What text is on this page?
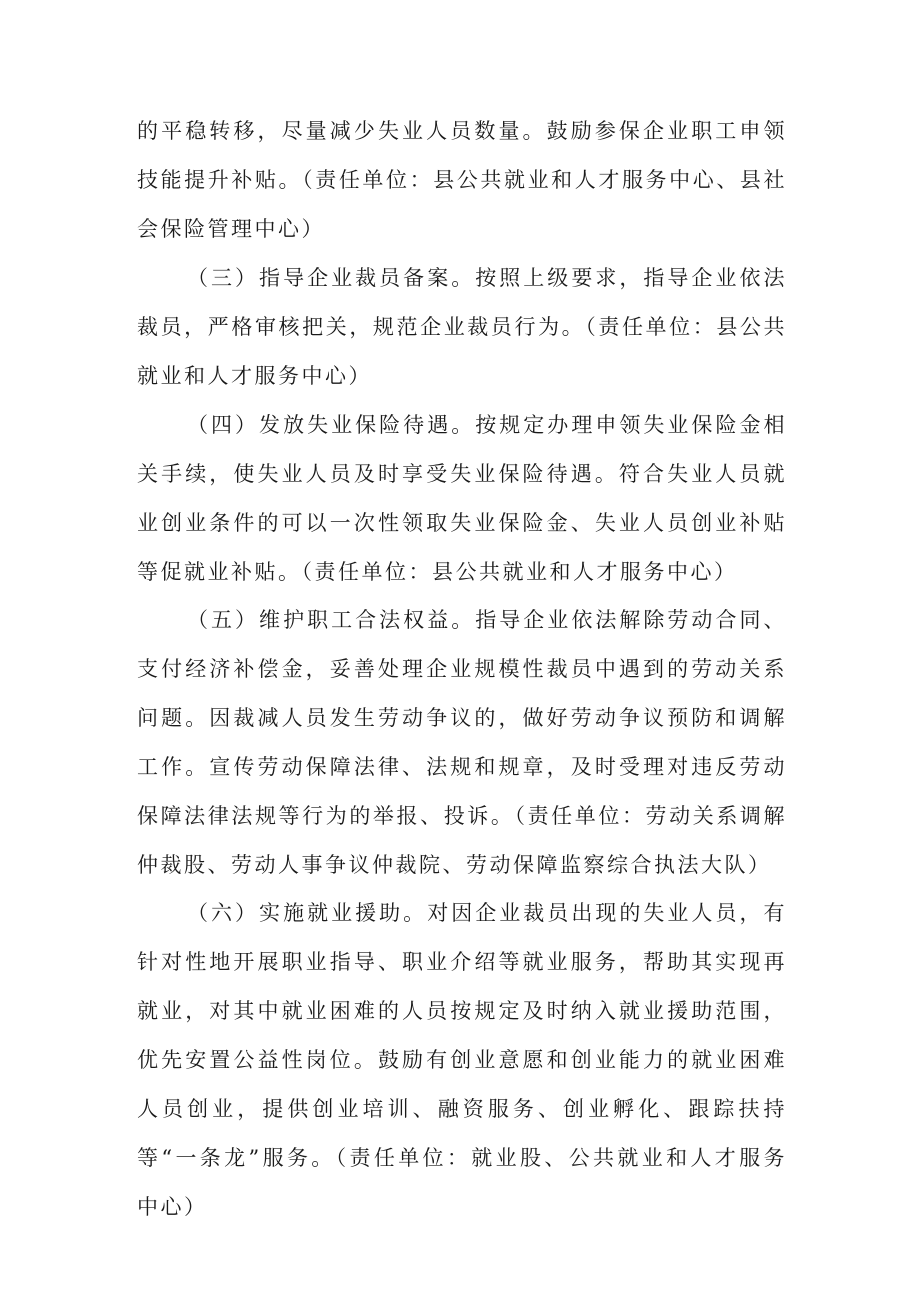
的平稳转移，尽量减少失业人员数量。鼓励参保企业职工申领技能提升补贴。（责任单位：县公共就业和人才服务中心、县社会保险管理中心）

（三）指导企业裁员备案。按照上级要求，指导企业依法裁员，严格审核把关，规范企业裁员行为。（责任单位：县公共就业和人才服务中心）

（四）发放失业保险待遇。按规定办理申领失业保险金相关手续，使失业人员及时享受失业保险待遇。符合失业人员就业创业条件的可以一次性领取失业保险金、失业人员创业补贴等促就业补贴。（责任单位：县公共就业和人才服务中心）

（五）维护职工合法权益。指导企业依法解除劳动合同、支付经济补偿金，妥善处理企业规模性裁员中遇到的劳动关系问题。因裁减人员发生劳动争议的，做好劳动争议预防和调解工作。宣传劳动保障法律、法规和规章，及时受理对违反劳动保障法律法规等行为的举报、投诉。（责任单位：劳动关系调解仲裁股、劳动人事争议仲裁院、劳动保障监察综合执法大队）

（六）实施就业援助。对因企业裁员出现的失业人员，有针对性地开展职业指导、职业介绍等就业服务，帮助其实现再就业，对其中就业困难的人员按规定及时纳入就业援助范围，优先安置公益性岗位。鼓励有创业意愿和创业能力的就业困难人员创业，提供创业培训、融资服务、创业孵化、跟踪扶持等“一条龙”服务。（责任单位：就业股、公共就业和人才服务中心）
